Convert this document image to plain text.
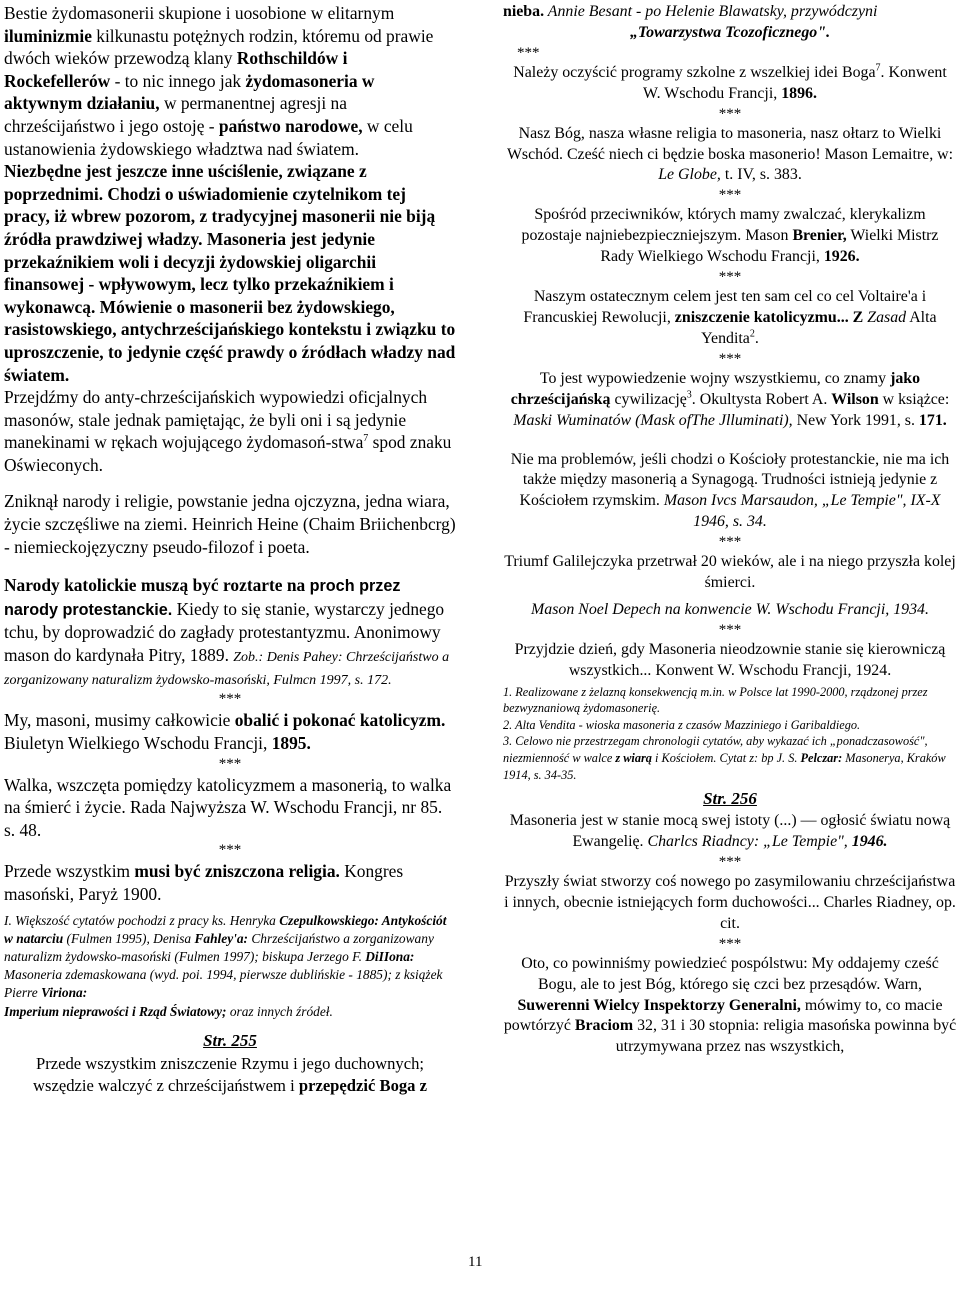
Bestie żydomasonerii skupione i uosobione w elitarnym iluminizmie kilkunastu potężnych rodzin, któremu od prawie dwóch wieków przewodzą klany Rothschildów i Rockefellerów - to nic innego jak żydomasoneria w aktywnym działaniu, w permanentnej agresji na chrześcijaństwo i jego ostoję - państwo narodowe, w celu ustanowienia żydowskiego władztwa nad światem.

Niezbędne jest jeszcze inne uściślenie, związane z poprzednimi. Chodzi o uświadomienie czytelnikom tej pracy, iż wbrew pozorom, z tradycyjnej masonerii nie biją źródła prawdziwej władzy. Masoneria jest jedynie przekaźnikiem woli i decyzji żydowskiej oligarchii finansowej - wpływowym, lecz tylko przekaźnikiem i wykonawcą. Mówienie o masonerii bez żydowskiego, rasistowskiego, antychrześcijańskiego kontekstu i związku to uproszczenie, to jedynie część prawdy o źródłach władzy nad światem.

Przejdźmy do anty-chrześcijańskich wypowiedzi oficjalnych masonów, stale jednak pamiętając, że byli oni i są jedynie manekinami w rękach wojującego żydomasoń-stwa$^7$ spod znaku Oświeconych.

Zniknął narody i religie, powstanie jedna ojczyzna, jedna wiara, życie szczęśliwe na ziemi. Heinrich Heine (Chaim Briichenbcrg) - niemieckojęzyczny pseudo-filozof i poeta.

Narody katolickie muszą być roztarte na proch przez narody protestanckie. Kiedy to się stanie, wystarczy jednego tchu, by doprowadzić do zagłady protestantyzmu. Anonimowy mason do kardynała Pitry, 1889. Zob.: Denis Pahey: Chrześcijaństwo a zorganizowany naturalizm żydowsko-masoński, Fulmcn 1997, s. 172.

***

My, masoni, musimy całkowicie obalić i pokonać katolicyzm. Biuletyn Wielkiego Wschodu Francji, 1895.

***

Walka, wszczęta pomiędzy katolicyzmem a masonerią, to walka na śmierć i życie. Rada Najwyższa W. Wschodu Francji, nr 85. s. 48.

***

Przede wszystkim musi być zniszczona religia. Kongres masoński, Paryż 1900.

I. Większość cytatów pochodzi z pracy ks. Henryka Czepulkowskiego: Antykościót w natarciu (Fulmen 1995), Denisa Fahley'a: Chrześcijaństwo a zorganizowany naturalizm żydowsko-masoński (Fulmen 1997); biskupa Jerzego F. DiIIona: Masoneria zdemaskowana (wyd. poi. 1994, pierwsze dublińskie - 1885); z książek Pierre Viriona:
Imperium nieprawości i Rząd Światowy; oraz innych źródeł.

Str. 255

Przede wszystkim zniszczenie Rzymu i jego duchownych; wszędzie walczyć z chrześcijaństwem i przepędzić Boga z

nieba. Annie Besant - po Helenie Blawatsky, przywódczyni

„Towarzystwa Tcozoficznego".

***

Należy oczyścić programy szkolne z wszelkiej idei Boga$^7$. Konwent W. Wschodu Francji, 1896.

***

Nasz Bóg, nasza własne religia to masoneria, nasz ołtarz to Wielki Wschód. Cześć niech ci będzie boska masonerio! Mason Lemaitre, w: Le Globe, t. IV, s. 383.

***

Spośród przeciwników, których mamy zwalczać, klerykalizm pozostaje najniebezpieczniejszym. Mason Brenier, Wielki Mistrz Rady Wielkiego Wschodu Francji, 1926.

***

Naszym ostatecznym celem jest ten sam cel co cel Voltaire'a i Francuskiej Rewolucji, zniszczenie katolicyzmu... Z Zasad Alta Yendita$^2$.

***

To jest wypowiedzenie wojny wszystkiemu, co znamy jako chrześcijańską cywilizację$^3$. Okultysta Robert A. Wilson w książce: Maski Wuminatów (Mask ofThe Jlluminati), New York 1991, s. 171.

Nie ma problemów, jeśli chodzi o Kościoły protestanckie, nie ma ich także między masonerią a Synagogą. Trudności istnieją jedynie z Kościołem rzymskim. Mason Ivcs Marsaudon, „Le Tempie", IX-X 1946, s. 34.

***

Triumf Galilejczyka przetrwał 20 wieków, ale i na niego przyszła kolej śmierci.

Mason Noel Depech na konwencie W. Wschodu Francji, 1934.

***

Przyjdzie dzień, gdy Masoneria nieodzownie stanie się kierowniczą wszystkich... Konwent W. Wschodu Francji, 1924.

1. Realizowane z żelazną konsekwencją m.in. w Polsce lat 1990-2000, rządzonej przez bezwyznaniową żydomasonerię.

2. Alta Vendita - wioska masoneria z czasów Mazziniego i Garibaldiego.

3. Celowo nie przestrzegam chronologii cytatów, aby wykazać ich „ponadczasowość", niezmienność w walce z wiarą i Kościołem. Cytat z: bp J. S. Pelczar: Masonerya, Kraków 1914, s. 34-35.

Str. 256

Masoneria jest w stanie mocą swej istoty (...) — ogłosić światu nową Ewangelię. Charlcs Riadncy: „Le Tempie", 1946.

***

Przyszły świat stworzy coś nowego po zasymilowaniu chrześcijaństwa i innych, obecnie istniejących form duchowości... Charles Riadney, op. cit.

***

Oto, co powinniśmy powiedzieć pospólstwu: My oddajemy cześć Bogu, ale to jest Bóg, którego się czci bez przesądów. Warn, Suwerenni Wielcy Inspektorzy Generalni, mówimy to, co macie powtórzyć Braciom 32, 31 i 30 stopnia: religia masońska powinna być utrzymywana przez nas wszystkich,

11
